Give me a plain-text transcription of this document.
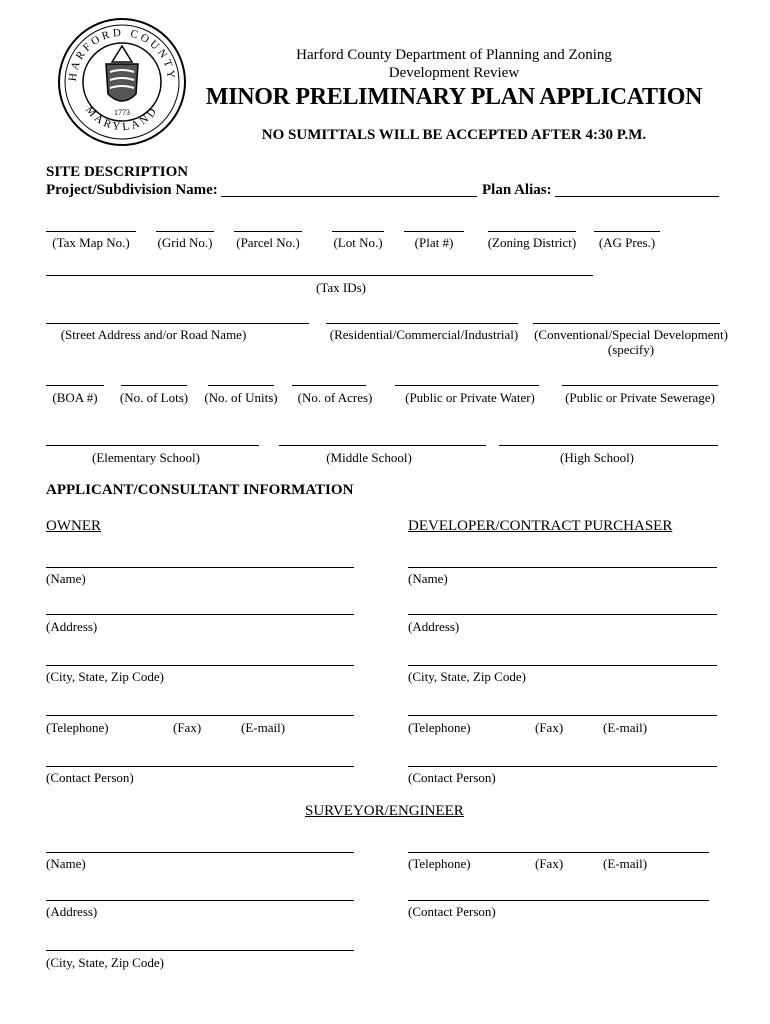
HARFORD COUNTY
MARYLAND
1773
Harford County Department of Planning and Zoning
Development Review
MINOR PRELIMINARY PLAN APPLICATION
NO SUMITTALS WILL BE ACCEPTED AFTER 4:30 P.M.
SITE DESCRIPTION
Project/Subdivision Name:	Plan Alias:
(Tax Map No.)	(Grid No.)	(Parcel No.)	(Lot No.)	(Plat #)	(Zoning District)	(AG Pres.)
(Tax IDs)
(Street Address and/or Road Name)	(Residential/Commercial/Industrial) (Conventional/Special Development)
(specify)
(BOA #)	(No. of Lots) (No. of Units)	(No. of Acres)	(Public or Private Water)	(Public or Private Sewerage)
(Elementary School)	(Middle School)	(High School)
APPLICANT/CONSULTANT INFORMATION
OWNER
(Name)
(Address)
(City, State, Zip Code)
(Telephone)	(Fax)	(E-mail)
(Contact Person)
DEVELOPER/CONTRACT PURCHASER
(Name)
(Address)
(City, State, Zip Code)
(Telephone)	(Fax)	(E-mail)
(Contact Person)
SURVEYOR/ENGINEER
(Name)
(Address)
(City, State, Zip Code)
(Telephone)	(Fax)	(E-mail)
(Contact Person)
